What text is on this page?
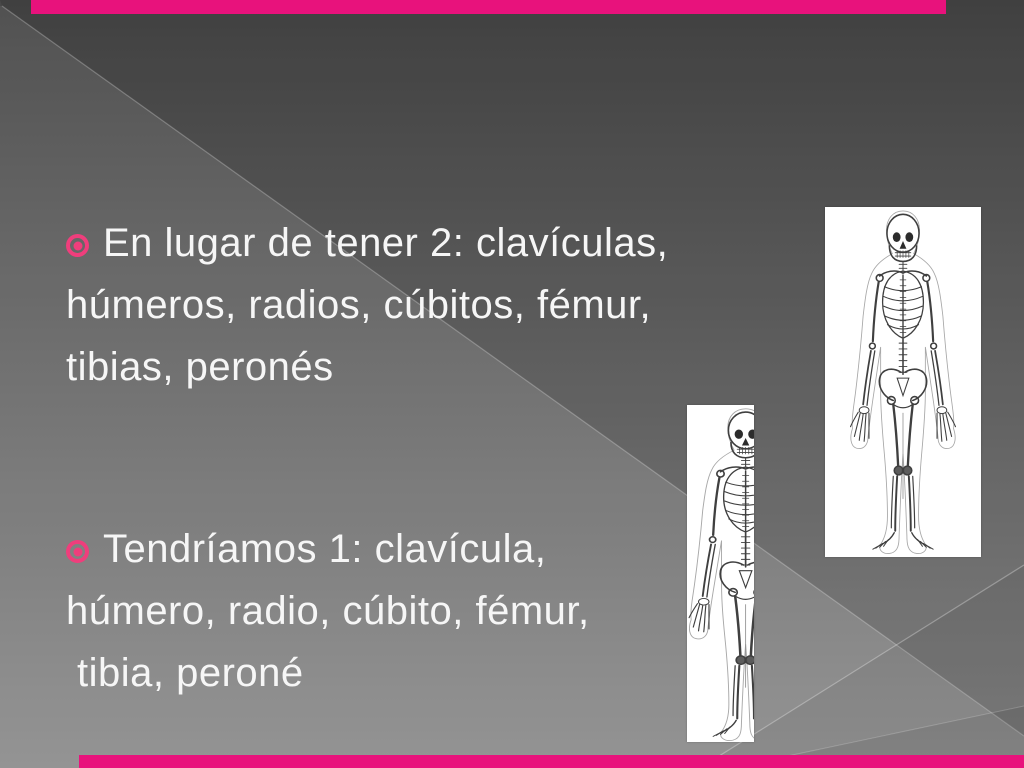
En lugar de tener 2: clavículas,
húmeros, radios, cúbitos, fémur,
tibias, peronés
Tendríamos 1: clavícula,
húmero, radio, cúbito, fémur,
tibia, peroné
